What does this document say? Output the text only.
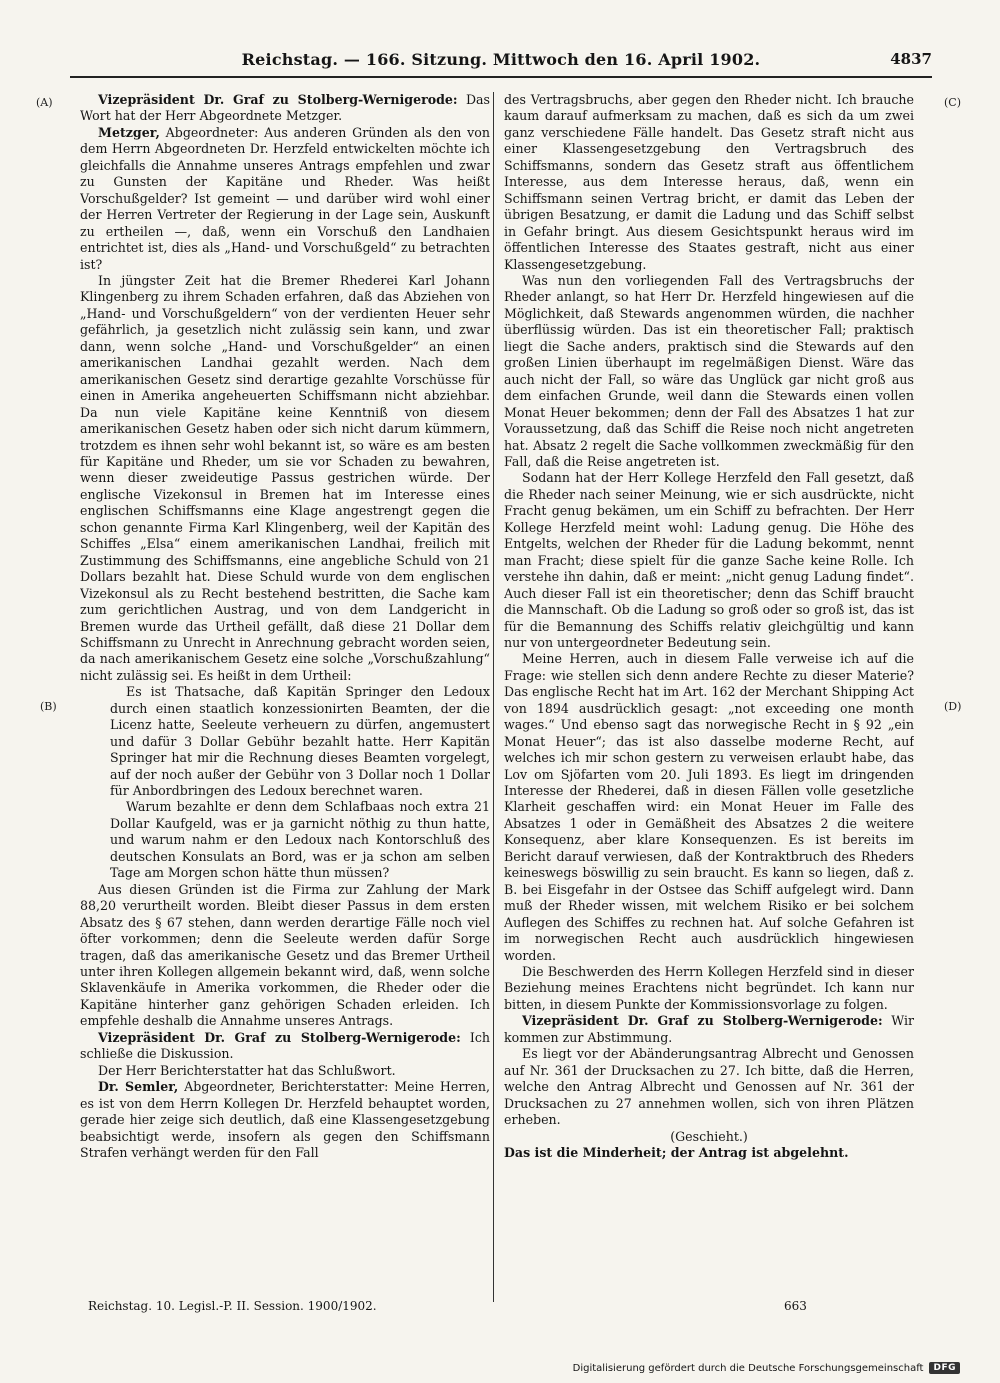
Reichstag. — 166. Sitzung. Mittwoch den 16. April 1902.	4837
(A)
(B)
(C)
(D)

Vizepräsident Dr. Graf zu Stolberg-Wernigerode: Das Wort hat der Herr Abgeordnete Metzger.

Metzger, Abgeordneter: Aus anderen Gründen als den von dem Herrn Abgeordneten Dr. Herzfeld entwickelten möchte ich gleichfalls die Annahme unseres Antrags empfehlen und zwar zu Gunsten der Kapitäne und Rheder. Was heißt Vorschußgelder? Ist gemeint — und darüber wird wohl einer der Herren Vertreter der Regierung in der Lage sein, Auskunft zu ertheilen —, daß, wenn ein Vorschuß den Landhaien entrichtet ist, dies als „Hand- und Vorschußgeld“ zu betrachten ist?

In jüngster Zeit hat die Bremer Rhederei Karl Johann Klingenberg zu ihrem Schaden erfahren, daß das Abziehen von „Hand- und Vorschußgeldern“ von der verdienten Heuer sehr gefährlich, ja gesetzlich nicht zulässig sein kann, und zwar dann, wenn solche „Hand- und Vorschußgelder“ an einen amerikanischen Landhai gezahlt werden. Nach dem amerikanischen Gesetz sind derartige gezahlte Vorschüsse für einen in Amerika angeheuerten Schiffsmann nicht abziehbar. Da nun viele Kapitäne keine Kenntniß von diesem amerikanischen Gesetz haben oder sich nicht darum kümmern, trotzdem es ihnen sehr wohl bekannt ist, so wäre es am besten für Kapitäne und Rheder, um sie vor Schaden zu bewahren, wenn dieser zweideutige Passus gestrichen würde. Der englische Vizekonsul in Bremen hat im Interesse eines englischen Schiffsmanns eine Klage angestrengt gegen die schon genannte Firma Karl Klingenberg, weil der Kapitän des Schiffes „Elsa“ einem amerikanischen Landhai, freilich mit Zustimmung des Schiffsmanns, eine angebliche Schuld von 21 Dollars bezahlt hat. Diese Schuld wurde von dem englischen Vizekonsul als zu Recht bestehend bestritten, die Sache kam zum gerichtlichen Austrag, und von dem Landgericht in Bremen wurde das Urtheil gefällt, daß diese 21 Dollar dem Schiffsmann zu Unrecht in Anrechnung gebracht worden seien, da nach amerikanischem Gesetz eine solche „Vorschußzahlung“ nicht zulässig sei. Es heißt in dem Urtheil:

Es ist Thatsache, daß Kapitän Springer den Ledoux durch einen staatlich konzessionirten Beamten, der die Licenz hatte, Seeleute verheuern zu dürfen, angemustert und dafür 3 Dollar Gebühr bezahlt hatte. Herr Kapitän Springer hat mir die Rechnung dieses Beamten vorgelegt, auf der noch außer der Gebühr von 3 Dollar noch 1 Dollar für Anbordbringen des Ledoux berechnet waren.

Warum bezahlte er denn dem Schlafbaas noch extra 21 Dollar Kaufgeld, was er ja garnicht nöthig zu thun hatte, und warum nahm er den Ledoux nach Kontorschluß des deutschen Konsulats an Bord, was er ja schon am selben Tage am Morgen schon hätte thun müssen?

Aus diesen Gründen ist die Firma zur Zahlung der Mark 88,20 verurtheilt worden. Bleibt dieser Passus in dem ersten Absatz des § 67 stehen, dann werden derartige Fälle noch viel öfter vorkommen; denn die Seeleute werden dafür Sorge tragen, daß das amerikanische Gesetz und das Bremer Urtheil unter ihren Kollegen allgemein bekannt wird, daß, wenn solche Sklavenkäufe in Amerika vorkommen, die Rheder oder die Kapitäne hinterher ganz gehörigen Schaden erleiden. Ich empfehle deshalb die Annahme unseres Antrags.

Vizepräsident Dr. Graf zu Stolberg-Wernigerode: Ich schließe die Diskussion.

Der Herr Berichterstatter hat das Schlußwort.

Dr. Semler, Abgeordneter, Berichterstatter: Meine Herren, es ist von dem Herrn Kollegen Dr. Herzfeld behauptet worden, gerade hier zeige sich deutlich, daß eine Klassengesetzgebung beabsichtigt werde, insofern als gegen den Schiffsmann Strafen verhängt werden für den Fall

des Vertragsbruchs, aber gegen den Rheder nicht. Ich brauche kaum darauf aufmerksam zu machen, daß es sich da um zwei ganz verschiedene Fälle handelt. Das Gesetz straft nicht aus einer Klassengesetzgebung den Vertragsbruch des Schiffsmanns, sondern das Gesetz straft aus öffentlichem Interesse, aus dem Interesse heraus, daß, wenn ein Schiffsmann seinen Vertrag bricht, er damit das Leben der übrigen Besatzung, er damit die Ladung und das Schiff selbst in Gefahr bringt. Aus diesem Gesichtspunkt heraus wird im öffentlichen Interesse des Staates gestraft, nicht aus einer Klassengesetzgebung.

Was nun den vorliegenden Fall des Vertragsbruchs der Rheder anlangt, so hat Herr Dr. Herzfeld hingewiesen auf die Möglichkeit, daß Stewards angenommen würden, die nachher überflüssig würden. Das ist ein theoretischer Fall; praktisch liegt die Sache anders, praktisch sind die Stewards auf den großen Linien überhaupt im regelmäßigen Dienst. Wäre das auch nicht der Fall, so wäre das Unglück gar nicht groß aus dem einfachen Grunde, weil dann die Stewards einen vollen Monat Heuer bekommen; denn der Fall des Absatzes 1 hat zur Voraussetzung, daß das Schiff die Reise noch nicht angetreten hat. Absatz 2 regelt die Sache vollkommen zweckmäßig für den Fall, daß die Reise angetreten ist.

Sodann hat der Herr Kollege Herzfeld den Fall gesetzt, daß die Rheder nach seiner Meinung, wie er sich ausdrückte, nicht Fracht genug bekämen, um ein Schiff zu befrachten. Der Herr Kollege Herzfeld meint wohl: Ladung genug. Die Höhe des Entgelts, welchen der Rheder für die Ladung bekommt, nennt man Fracht; diese spielt für die ganze Sache keine Rolle. Ich verstehe ihn dahin, daß er meint: „nicht genug Ladung findet“. Auch dieser Fall ist ein theoretischer; denn das Schiff braucht die Mannschaft. Ob die Ladung so groß oder so groß ist, das ist für die Bemannung des Schiffs relativ gleichgültig und kann nur von untergeordneter Bedeutung sein.

Meine Herren, auch in diesem Falle verweise ich auf die Frage: wie stellen sich denn andere Rechte zu dieser Materie? Das englische Recht hat im Art. 162 der Merchant Shipping Act von 1894 ausdrücklich gesagt: „not exceeding one month wages.“ Und ebenso sagt das norwegische Recht in § 92 „ein Monat Heuer“; das ist also dasselbe moderne Recht, auf welches ich mir schon gestern zu verweisen erlaubt habe, das Lov om Sjöfarten vom 20. Juli 1893. Es liegt im dringenden Interesse der Rhederei, daß in diesen Fällen volle gesetzliche Klarheit geschaffen wird: ein Monat Heuer im Falle des Absatzes 1 oder in Gemäßheit des Absatzes 2 die weitere Konsequenz, aber klare Konsequenzen. Es ist bereits im Bericht darauf verwiesen, daß der Kontraktbruch des Rheders keineswegs böswillig zu sein braucht. Es kann so liegen, daß z. B. bei Eisgefahr in der Ostsee das Schiff aufgelegt wird. Dann muß der Rheder wissen, mit welchem Risiko er bei solchem Auflegen des Schiffes zu rechnen hat. Auf solche Gefahren ist im norwegischen Recht auch ausdrücklich hingewiesen worden.

Die Beschwerden des Herrn Kollegen Herzfeld sind in dieser Beziehung meines Erachtens nicht begründet. Ich kann nur bitten, in diesem Punkte der Kommissionsvorlage zu folgen.

Vizepräsident Dr. Graf zu Stolberg-Wernigerode: Wir kommen zur Abstimmung.

Es liegt vor der Abänderungsantrag Albrecht und Genossen auf Nr. 361 der Drucksachen zu 27. Ich bitte, daß die Herren, welche den Antrag Albrecht und Genossen auf Nr. 361 der Drucksachen zu 27 annehmen wollen, sich von ihren Plätzen erheben.

(Geschieht.)

Das ist die Minderheit; der Antrag ist abgelehnt.

Reichstag. 10. Legisl.-P. II. Session. 1900/1902.	663
Digitalisierung gefördert durch die Deutsche Forschungsgemeinschaft	DFG
